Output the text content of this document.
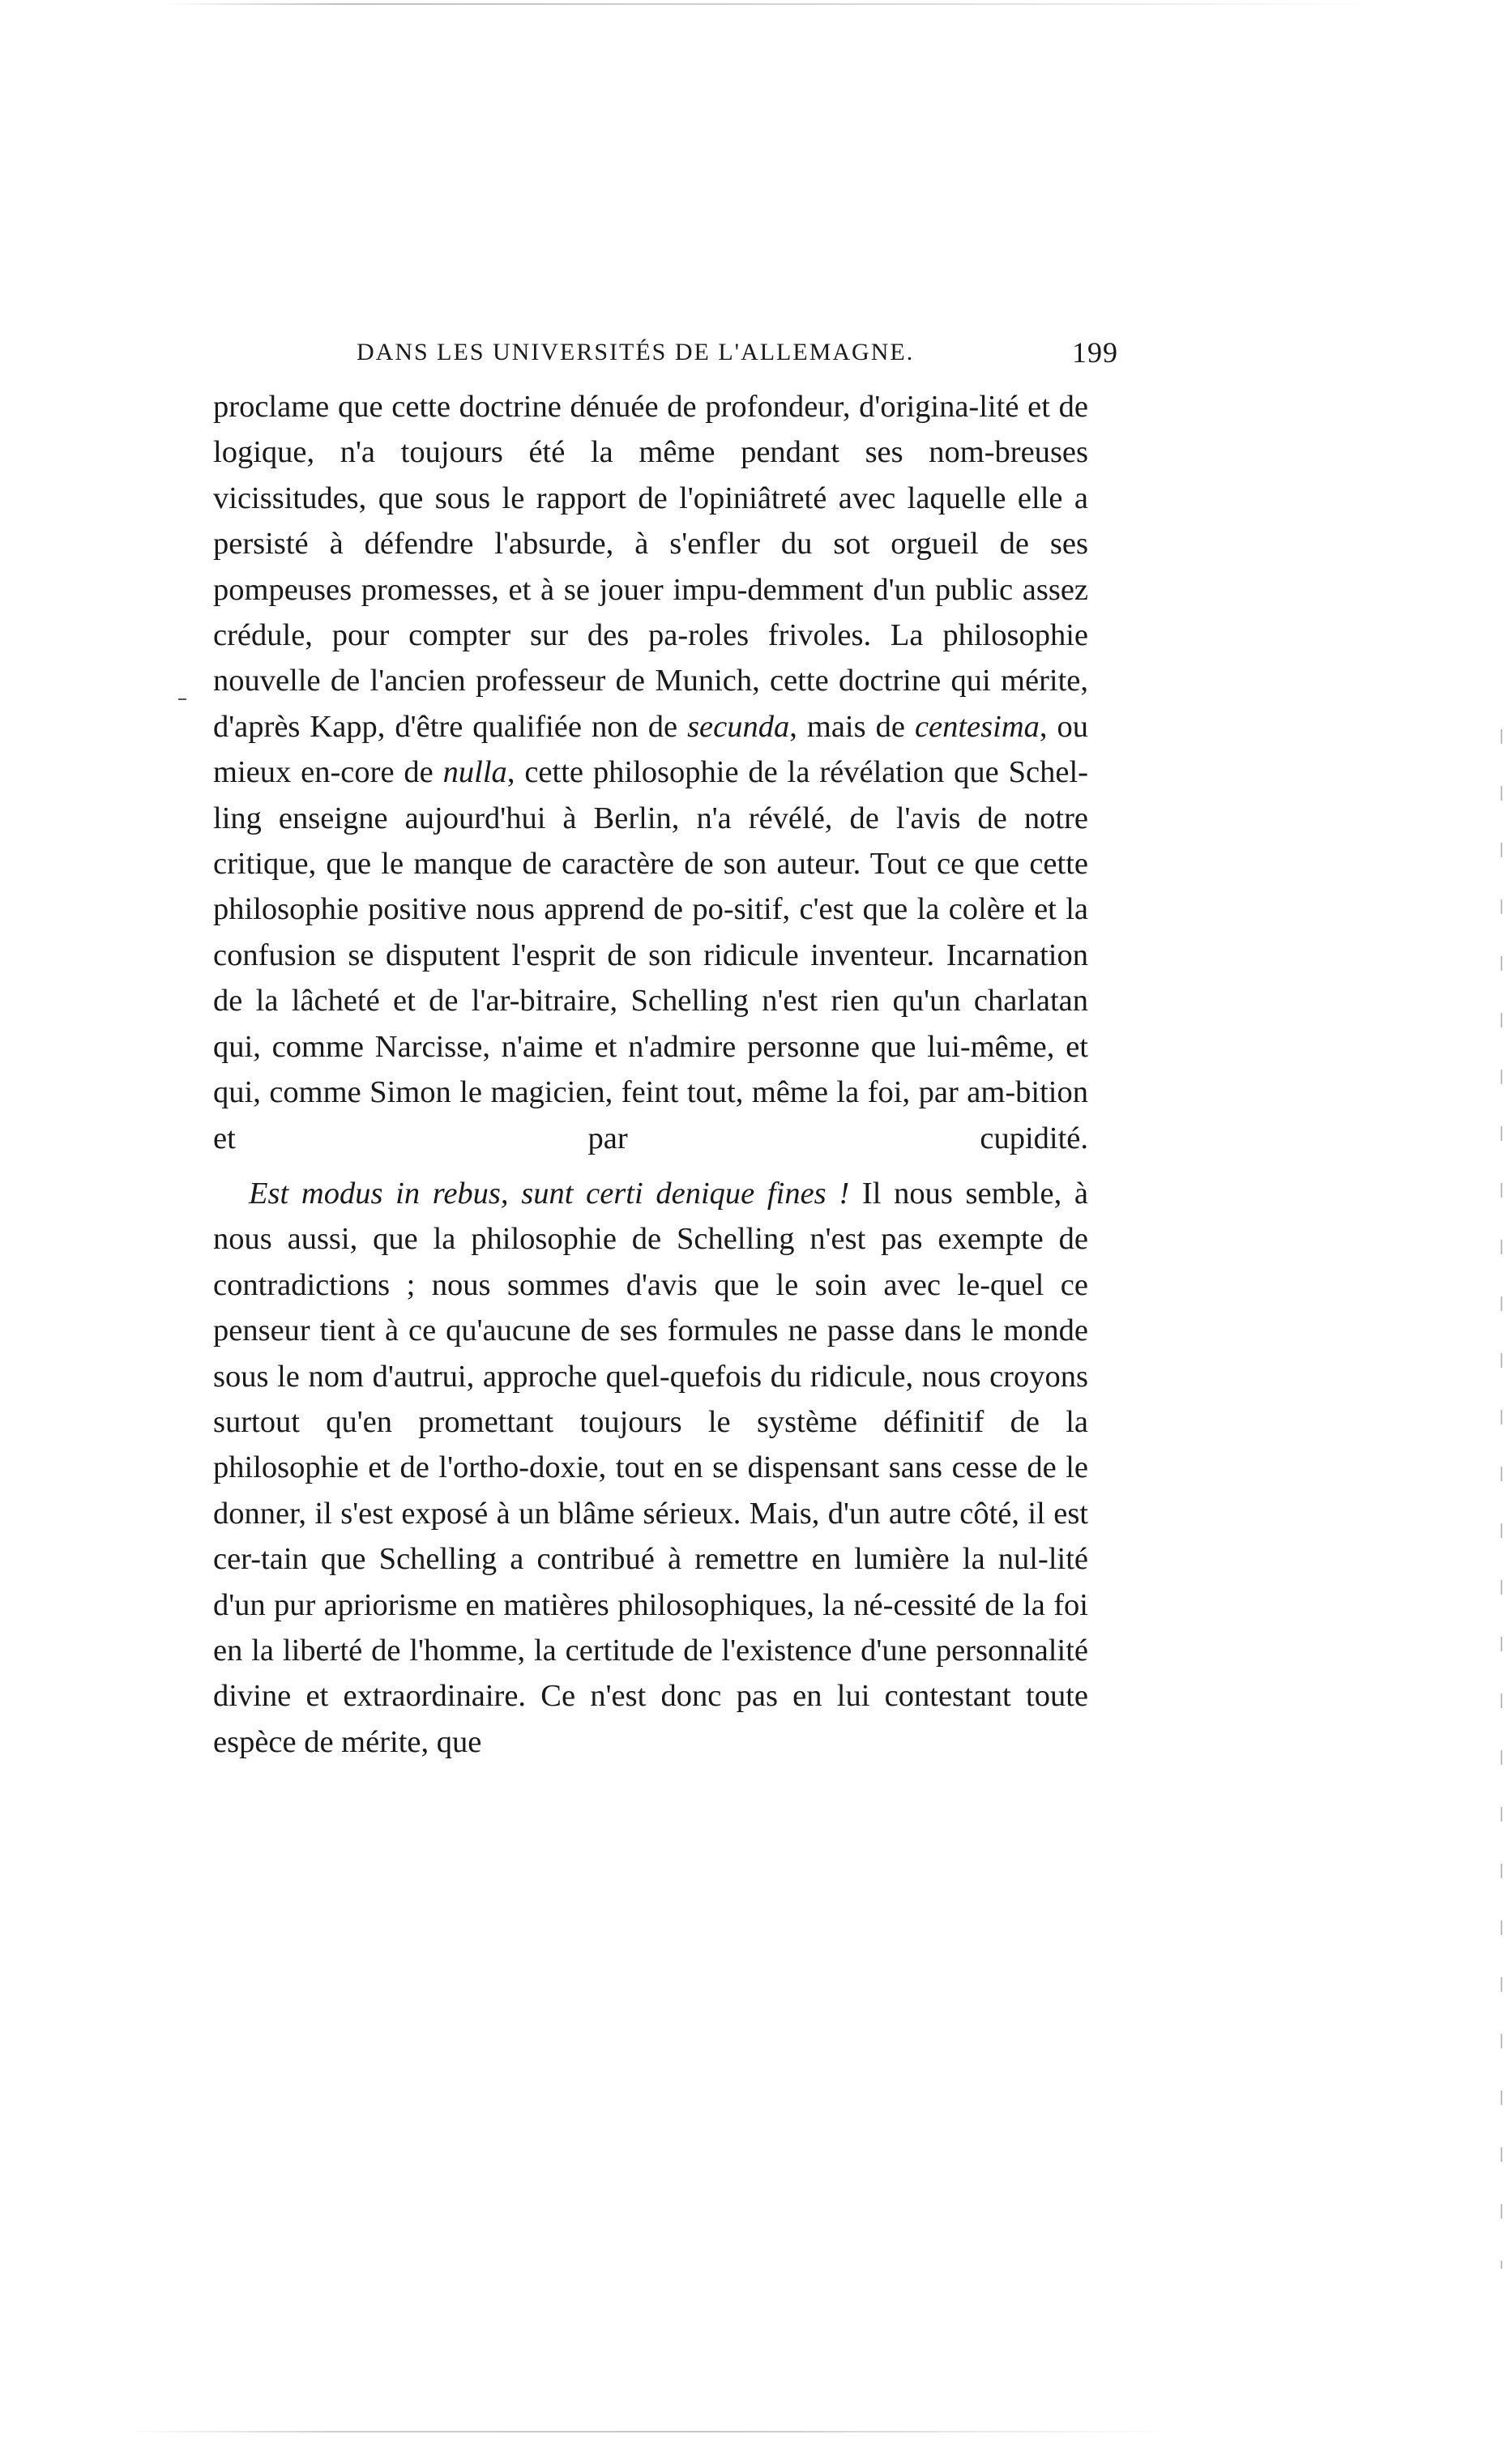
DANS LES UNIVERSITÉS DE L'ALLEMAGNE.	199

proclame que cette doctrine dénuée de profondeur, d'origina-lité et de logique, n'a toujours été la même pendant ses nom-breuses vicissitudes, que sous le rapport de l'opiniâtreté avec laquelle elle a persisté à défendre l'absurde, à s'enfler du sot orgueil de ses pompeuses promesses, et à se jouer impu-demment d'un public assez crédule, pour compter sur des pa-roles frivoles. La philosophie nouvelle de l'ancien professeur de Munich, cette doctrine qui mérite, d'après Kapp, d'être qualifiée non de secunda, mais de centesima, ou mieux en-core de nulla, cette philosophie de la révélation que Schel-ling enseigne aujourd'hui à Berlin, n'a révélé, de l'avis de notre critique, que le manque de caractère de son auteur. Tout ce que cette philosophie positive nous apprend de po-sitif, c'est que la colère et la confusion se disputent l'esprit de son ridicule inventeur. Incarnation de la lâcheté et de l'ar-bitraire, Schelling n'est rien qu'un charlatan qui, comme Narcisse, n'aime et n'admire personne que lui-même, et qui, comme Simon le magicien, feint tout, même la foi, par am-bition et par cupidité.

Est modus in rebus, sunt certi denique fines ! Il nous semble, à nous aussi, que la philosophie de Schelling n'est pas exempte de contradictions ; nous sommes d'avis que le soin avec le-quel ce penseur tient à ce qu'aucune de ses formules ne passe dans le monde sous le nom d'autrui, approche quel-quefois du ridicule, nous croyons surtout qu'en promettant toujours le système définitif de la philosophie et de l'ortho-doxie, tout en se dispensant sans cesse de le donner, il s'est exposé à un blâme sérieux. Mais, d'un autre côté, il est cer-tain que Schelling a contribué à remettre en lumière la nul-lité d'un pur apriorisme en matières philosophiques, la né-cessité de la foi en la liberté de l'homme, la certitude de l'existence d'une personnalité divine et extraordinaire. Ce n'est donc pas en lui contestant toute espèce de mérite, que
